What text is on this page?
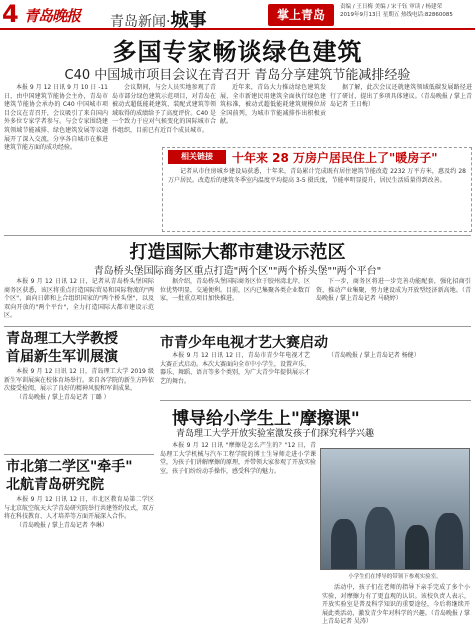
4 青岛晚报 青岛新闻·城事	掌上青岛
责编 / 王日梅 美编 / 宋千钰 审读 / 杨建荣
2019年9月13日 星期五 热线电话:82860085
多国专家畅谈绿色建筑
C40 中国城市项目会议在青召开 青岛分享建筑节能减排经验

本报 9 月 12 日讯 9 月 10 日 -11 日，由中国建筑节能协会主办，青岛市建筑节能协会承办的 C40 中国城市项目会议在青召开，会议吸引了来自国内外多位专家学者参与。与会专家围绕建筑领域节能减排、绿色建筑发展等议题展开了深入交流，分享各自城市在推进建筑节能方面的成功经验。

会议期间，与会人员实地参观了青岛市部分绿色建筑示范项目，对青岛在被动式超低能耗建筑、装配式建筑等领域取得的成绩给予了高度评价。C40 是一个致力于应对气候变化的国际城市合作组织，目前已有近百个成员城市。

近年来，青岛大力推动绿色建筑发展，全市新建民用建筑全面执行绿色建筑标准，被动式超低能耗建筑规模位居全国前列，为城市节能减排作出积极贡献。

据了解，此次会议还就建筑领域低碳发展路径进行了研讨，提出了多项具体建议。（青岛晚报 / 掌上青岛记者 王日梅）

相关链接	十年来 28 万房户居民住上了"暖房子"

记者从市住房城乡建设局获悉，十年来，青岛累计完成既有居住建筑节能改造 2232 万平方米，惠及约 28 万户居民。改造后的建筑冬季室内温度平均提高 3-5 摄氏度，节能率明显提升，居民生活质量得到改善。

打造国际大都市建设示范区
青岛桥头堡国际商务区重点打造"两个区""两个桥头堡""两个平台"

本报 9 月 12 日讯 12 日，记者从青岛桥头堡国际商务区获悉，该区将重点打造国际贸易和国际物流的"两个区"，面向日韩和上合组织国家的"两个桥头堡"，以及双向开放的"两个平台"，全力打造国际大都市建设示范区。

据介绍，青岛桥头堡国际商务区位于胶州湾北岸，区位优势明显，交通便利。目前，区内已集聚各类企业数百家，一批重点项目加快推进。

下一步，商务区将进一步完善功能配套，强化招商引资，推动产业集聚，努力建设成为开放型经济新高地。（青岛晚报 / 掌上青岛记者 马晓婷）

青岛理工大学教授
首届新生军训展演

本报 9 月 12 日讯 12 日，青岛理工大学 2019 级新生军训展演在校体育场举行。来自各学院的新生方阵依次接受检阅，展示了良好的精神风貌和军训成果。

（青岛晚报 / 掌上青岛记者 丁璐 ）

市北第二学区"牵手"
北航青岛研究院

本报 9 月 12 日讯 12 日，市北区教育局第二学区与北京航空航天大学青岛研究院举行共建签约仪式，双方将在科技教育、人才培养等方面开展深入合作。

（青岛晚报 / 掌上青岛记者 李琳）

市青少年电视才艺大赛启动

本报 9 月 12 日讯 12 日，青岛市青少年电视才艺大赛正式启动。本次大赛面向全市中小学生，设置声乐、器乐、舞蹈、语言等多个类别，为广大青少年提供展示才艺的舞台。

（青岛晚报 / 掌上青岛记者 杨健）

博导给小学生上"摩擦课"
青岛理工大学开放实验室激发孩子们探究科学兴趣

本报 9 月 12 日讯 "摩擦是怎么产生的？"12 日，青岛理工大学机械与汽车工程学院的博士生导师走进小学课堂，为孩子们讲解摩擦的原理，并带领大家参观了开放实验室，孩子们纷纷动手操作，感受科学的魅力。

小学生们在博导的带领下参观实验室。

活动中，孩子们在老师的指导下亲手完成了多个小实验，对摩擦力有了更直观的认识。该校负责人表示，开放实验室是普及科学知识的重要途径，今后将继续开展此类活动，激发青少年对科学的兴趣。（青岛晚报 / 掌上青岛记者 吴涛）
